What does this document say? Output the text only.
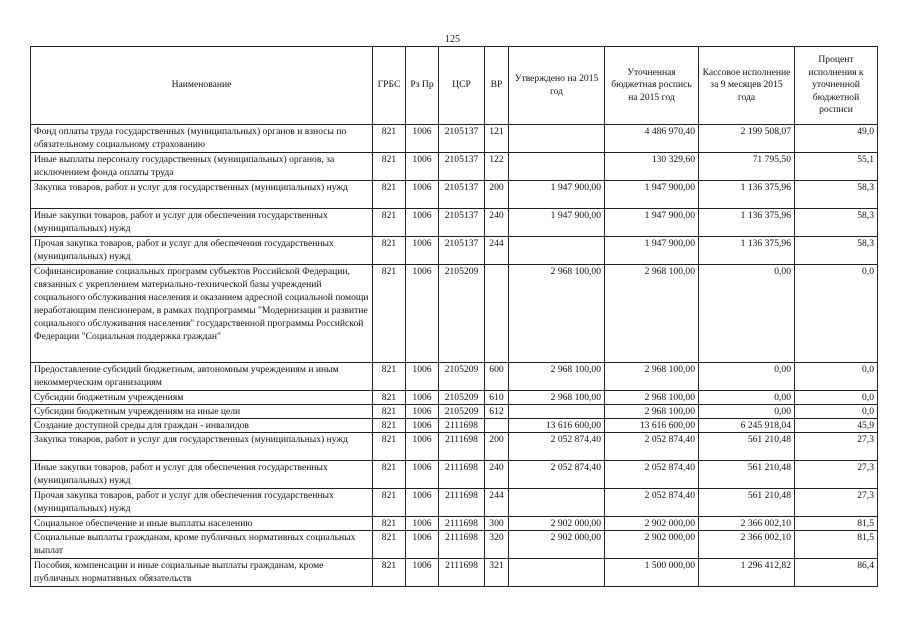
125
Наименование	ГРБС	Рз Пр	ЦСР	ВР	Утверждено на 2015 год	Уточненная бюджетная роспись на 2015 год	Кассовое исполнение за 9 месяцев 2015 года	Процент исполнения к уточненной бюджетной росписи
Фонд оплаты труда государственных (муниципальных) органов и взносы по обязательному социальному страхованию	821	1006	2105137	121		4 486 970,40	2 199 508,07	49,0
Иные выплаты персоналу государственных (муниципальных) органов, за исключением фонда оплаты труда	821	1006	2105137	122		130 329,60	71 795,50	55,1
Закупка товаров, работ и услуг для государственных (муниципальных) нужд	821	1006	2105137	200	1 947 900,00	1 947 900,00	1 136 375,96	58,3
Иные закупки товаров, работ и услуг для обеспечения государственных (муниципальных) нужд	821	1006	2105137	240	1 947 900,00	1 947 900,00	1 136 375,96	58,3
Прочая закупка товаров, работ и услуг для обеспечения государственных (муниципальных) нужд	821	1006	2105137	244		1 947 900,00	1 136 375,96	58,3
Софинансирование социальных программ субъектов Российской Федерации, связанных с укреплением материально-технической базы учреждений социального обслуживания населения и оказанием адресной социальной помощи неработающим пенсионерам, в рамках подпрограммы "Модернизация и развитие социального обслуживания населения" государственной программы Российской Федерации "Социальная поддержка граждан"	821	1006	2105209		2 968 100,00	2 968 100,00	0,00	0,0
Предоставление субсидий бюджетным, автономным учреждениям и иным некоммерческим организациям	821	1006	2105209	600	2 968 100,00	2 968 100,00	0,00	0,0
Субсидии бюджетным учреждениям	821	1006	2105209	610	2 968 100,00	2 968 100,00	0,00	0,0
Субсидии бюджетным учреждениям на иные цели	821	1006	2105209	612		2 968 100,00	0,00	0,0
Создание доступной среды для граждан - инвалидов	821	1006	2111698		13 616 600,00	13 616 600,00	6 245 918,04	45,9
Закупка товаров, работ и услуг для государственных (муниципальных) нужд	821	1006	2111698	200	2 052 874,40	2 052 874,40	561 210,48	27,3
Иные закупки товаров, работ и услуг для обеспечения государственных (муниципальных) нужд	821	1006	2111698	240	2 052 874,40	2 052 874,40	561 210,48	27,3
Прочая закупка товаров, работ и услуг для обеспечения государственных (муниципальных) нужд	821	1006	2111698	244		2 052 874,40	561 210,48	27,3
Социальное обеспечение и иные выплаты населению	821	1006	2111698	300	2 902 000,00	2 902 000,00	2 366 002,10	81,5
Социальные выплаты гражданам, кроме публичных нормативных социальных выплат	821	1006	2111698	320	2 902 000,00	2 902 000,00	2 366 002,10	81,5
Пособия, компенсации и иные социальные выплаты гражданам, кроме публичных нормативных обязательств	821	1006	2111698	321		1 500 000,00	1 296 412,82	86,4
